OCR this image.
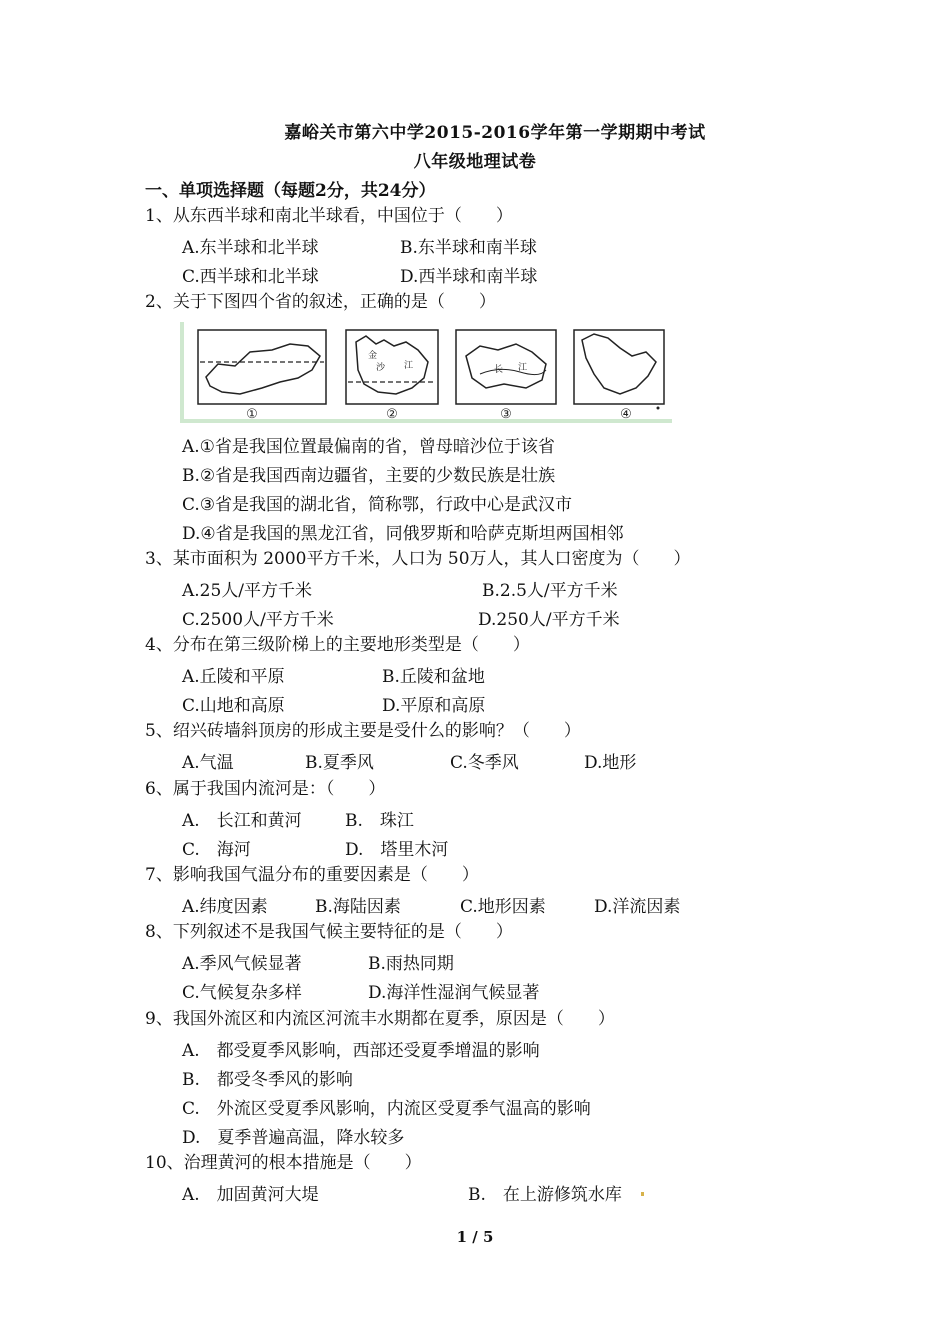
嘉峪关市第六中学2015-2016学年第一学期期中考试
八年级地理试卷
一、单项选择题（每题2分，共24分）
1、从东西半球和南北半球看，中国位于（　　）
A.东半球和北半球	B.东半球和南半球
C.西半球和北半球	D.西半球和南半球
2、关于下图四个省的叙述，正确的是（　　）
金
沙 江	长 江
①	②	③	④
A.①省是我国位置最偏南的省，曾母暗沙位于该省
B.②省是我国西南边疆省，主要的少数民族是壮族
C.③省是我国的湖北省，简称鄂，行政中心是武汉市
D.④省是我国的黑龙江省，同俄罗斯和哈萨克斯坦两国相邻
3、某市面积为 2000平方千米，人口为 50万人，其人口密度为（　　）
A.25人/平方千米	B.2.5人/平方千米
C.2500人/平方千米	D.250人/平方千米
4、分布在第三级阶梯上的主要地形类型是（　　）
A.丘陵和平原	B.丘陵和盆地
C.山地和高原	D.平原和高原
5、绍兴砖墙斜顶房的形成主要是受什么的影响？（　　）
A.气温	B.夏季风	C.冬季风	D.地形
6、属于我国内流河是：（　　）
A.　长江和黄河	B.　珠江
C.　海河	D.　塔里木河
7、影响我国气温分布的重要因素是（　　）
A.纬度因素	B.海陆因素	C.地形因素	D.洋流因素
8、下列叙述不是我国气候主要特征的是（　　）
A.季风气候显著	B.雨热同期
C.气候复杂多样	D.海洋性湿润气候显著
9、我国外流区和内流区河流丰水期都在夏季，原因是（　　）
A.　都受夏季风影响，西部还受夏季增温的影响
B.　都受冬季风的影响
C.　外流区受夏季风影响，内流区受夏季气温高的影响
D.　夏季普遍高温，降水较多
10、治理黄河的根本措施是（　　）
A.　加固黄河大堤	B.　在上游修筑水库
1 / 5
